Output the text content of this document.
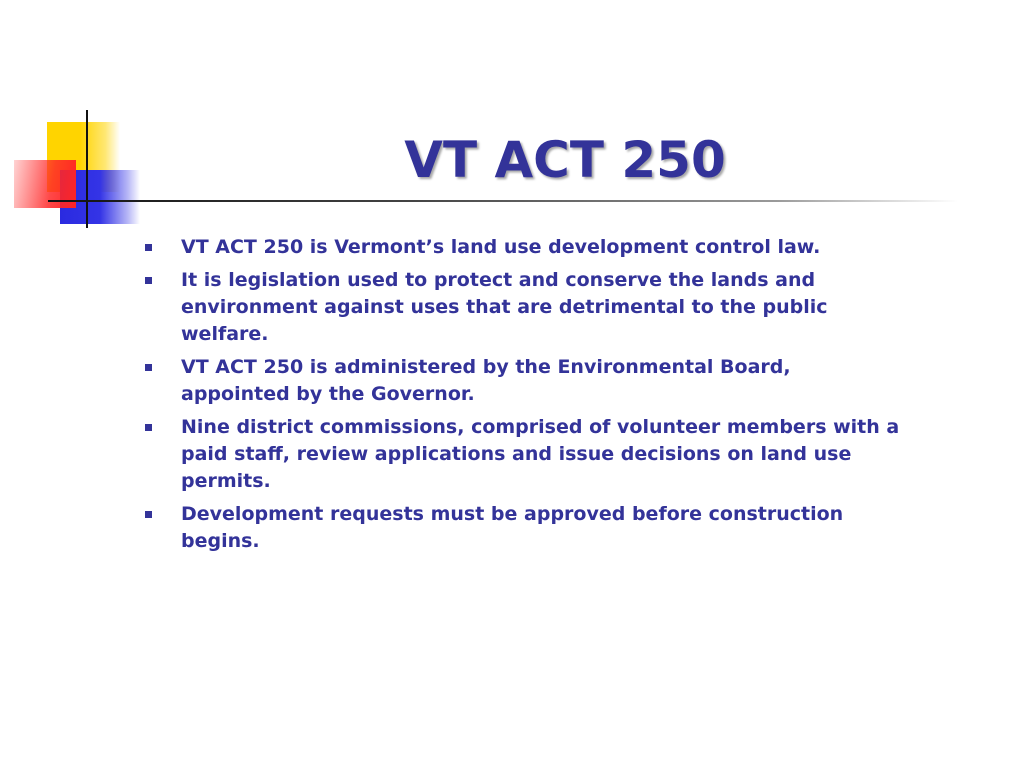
VT ACT 250
VT ACT 250 is Vermont’s land use development control law.
It is legislation used to protect and conserve the lands and environment against uses that are detrimental to the public welfare.
VT ACT 250 is administered by the Environmental Board, appointed by the Governor.
Nine district commissions, comprised of volunteer members with a paid staff, review applications and issue decisions on land use permits.
Development requests must be approved before construction begins.
